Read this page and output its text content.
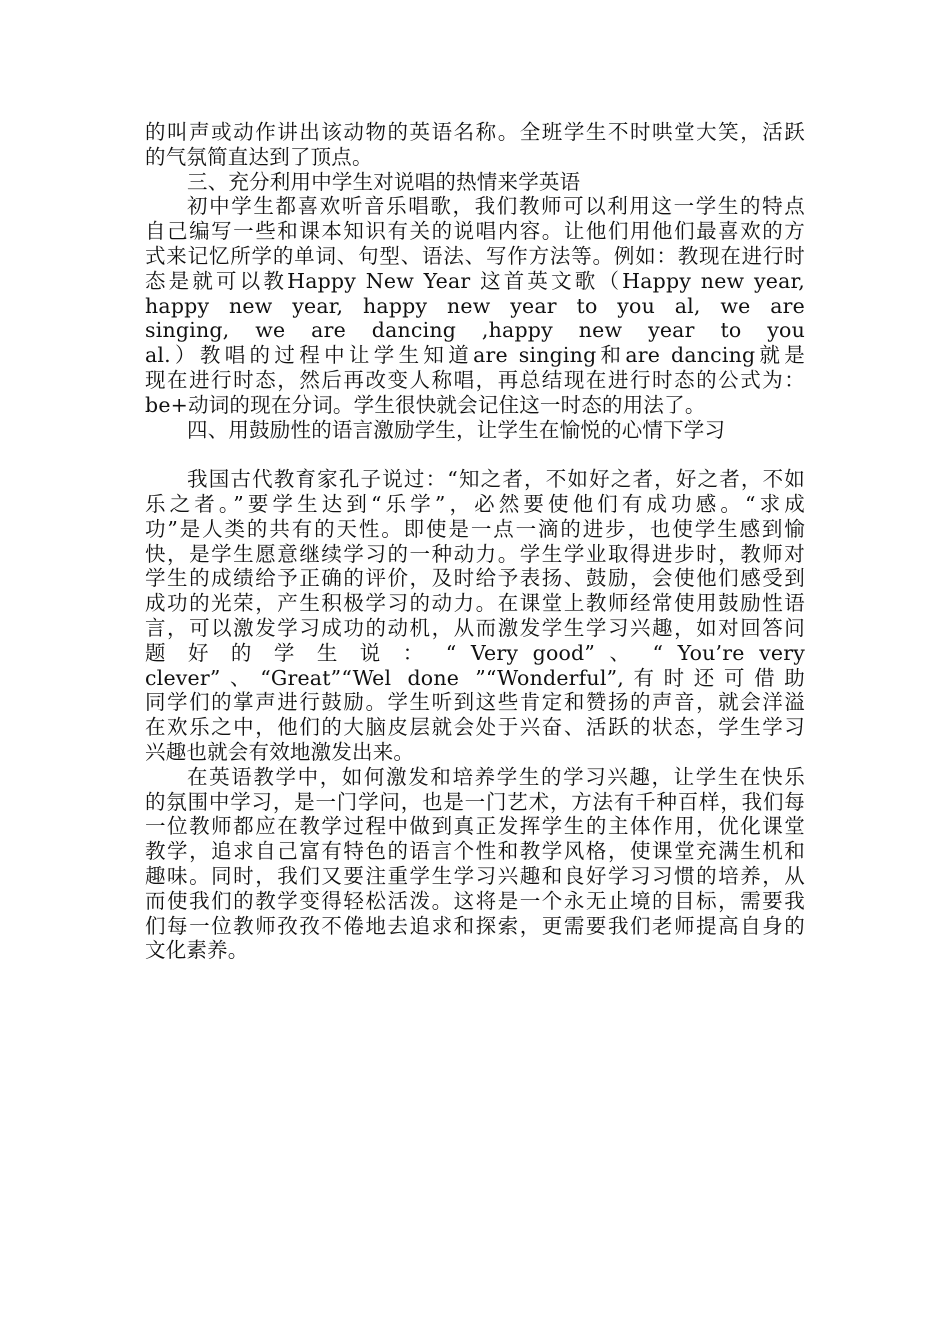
的叫声或动作讲出该动物的英语名称。全班学生不时哄堂大笑，活跃
的气氛简直达到了顶点。
三、充分利用中学生对说唱的热情来学英语
初中学生都喜欢听音乐唱歌，我们教师可以利用这一学生的特点
自己编写一些和课本知识有关的说唱内容。让他们用他们最喜欢的方
式来记忆所学的单词、句型、语法、写作方法等。例如：教现在进行时
态是就可以教Happy New Year 这首英文歌（Happy new year,
happy new year, happy new year to you al, we are
singing, we are dancing ,happy new year to you
al.）教唱的过程中让学生知道are singing和are dancing就是
现在进行时态，然后再改变人称唱，再总结现在进行时态的公式为：
be+动词的现在分词。学生很快就会记住这一时态的用法了。
四、用鼓励性的语言激励学生，让学生在愉悦的心情下学习
我国古代教育家孔子说过：“知之者，不如好之者，好之者，不如
乐之者。”要学生达到“乐学”，必然要使他们有成功感。“求成
功”是人类的共有的天性。即使是一点一滴的进步，也使学生感到愉
快，是学生愿意继续学习的一种动力。学生学业取得进步时，教师对
学生的成绩给予正确的评价，及时给予表扬、鼓励，会使他们感受到
成功的光荣，产生积极学习的动力。在课堂上教师经常使用鼓励性语
言，可以激发学习成功的动机，从而激发学生学习兴趣，如对回答问
题 好 的 学 生 说 ： “ Very good” 、 “ You’re very
clever”、“Great”“Wel done ”“Wonderful”,有时还可借助
同学们的掌声进行鼓励。学生听到这些肯定和赞扬的声音，就会洋溢
在欢乐之中，他们的大脑皮层就会处于兴奋、活跃的状态，学生学习
兴趣也就会有效地激发出来。
在英语教学中，如何激发和培养学生的学习兴趣，让学生在快乐
的氛围中学习，是一门学问，也是一门艺术，方法有千种百样，我们每
一位教师都应在教学过程中做到真正发挥学生的主体作用，优化课堂
教学，追求自己富有特色的语言个性和教学风格，使课堂充满生机和
趣味。同时，我们又要注重学生学习兴趣和良好学习习惯的培养，从
而使我们的教学变得轻松活泼。这将是一个永无止境的目标，需要我
们每一位教师孜孜不倦地去追求和探索，更需要我们老师提高自身的
文化素养。
